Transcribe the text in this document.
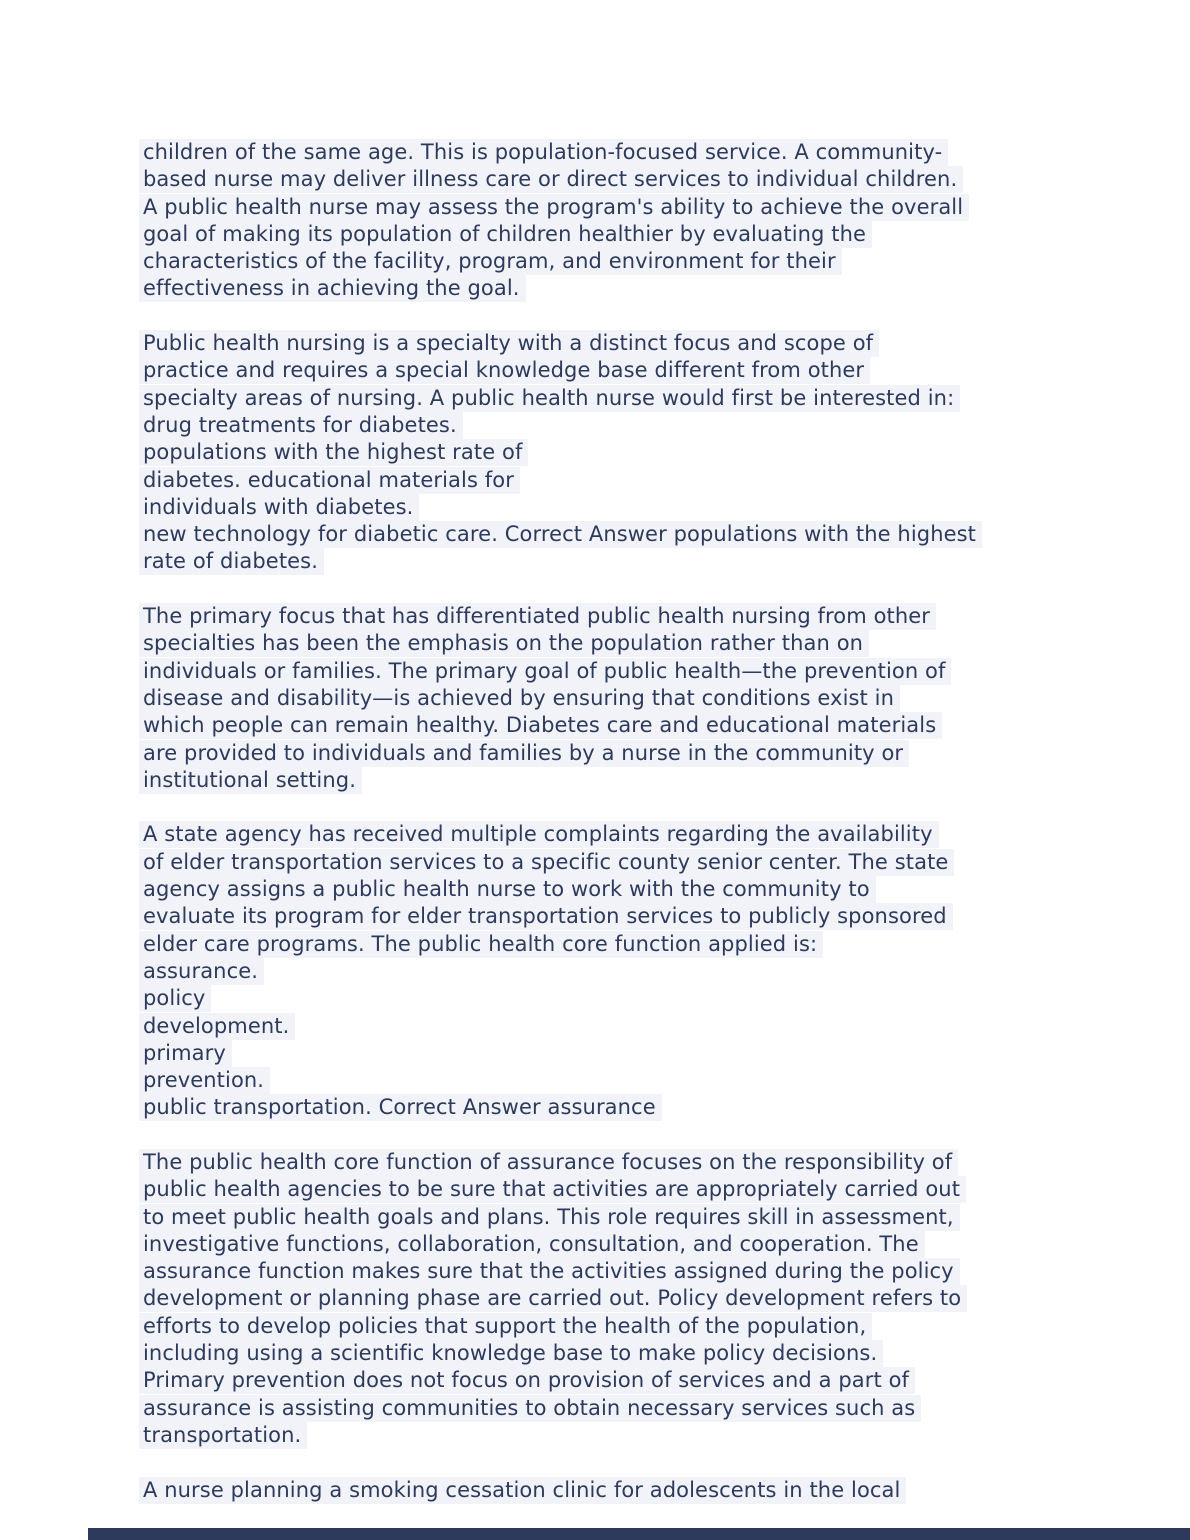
children of the same age. This is population-focused service. A community-
based nurse may deliver illness care or direct services to individual children.
A public health nurse may assess the program's ability to achieve the overall
goal of making its population of children healthier by evaluating the
characteristics of the facility, program, and environment for their
effectiveness in achieving the goal.

Public health nursing is a specialty with a distinct focus and scope of
practice and requires a special knowledge base different from other
specialty areas of nursing. A public health nurse would first be interested in:
drug treatments for diabetes.
populations with the highest rate of
diabetes. educational materials for
individuals with diabetes.
new technology for diabetic care. Correct Answer populations with the highest
rate of diabetes.

The primary focus that has differentiated public health nursing from other
specialties has been the emphasis on the population rather than on
individuals or families. The primary goal of public health—the prevention of
disease and disability—is achieved by ensuring that conditions exist in
which people can remain healthy. Diabetes care and educational materials
are provided to individuals and families by a nurse in the community or
institutional setting.

A state agency has received multiple complaints regarding the availability
of elder transportation services to a specific county senior center. The state
agency assigns a public health nurse to work with the community to
evaluate its program for elder transportation services to publicly sponsored
elder care programs. The public health core function applied is:
assurance.
policy
development.
primary
prevention.
public transportation. Correct Answer assurance

The public health core function of assurance focuses on the responsibility of
public health agencies to be sure that activities are appropriately carried out
to meet public health goals and plans. This role requires skill in assessment,
investigative functions, collaboration, consultation, and cooperation. The
assurance function makes sure that the activities assigned during the policy
development or planning phase are carried out. Policy development refers to
efforts to develop policies that support the health of the population,
including using a scientific knowledge base to make policy decisions.
Primary prevention does not focus on provision of services and a part of
assurance is assisting communities to obtain necessary services such as
transportation.

A nurse planning a smoking cessation clinic for adolescents in the local
